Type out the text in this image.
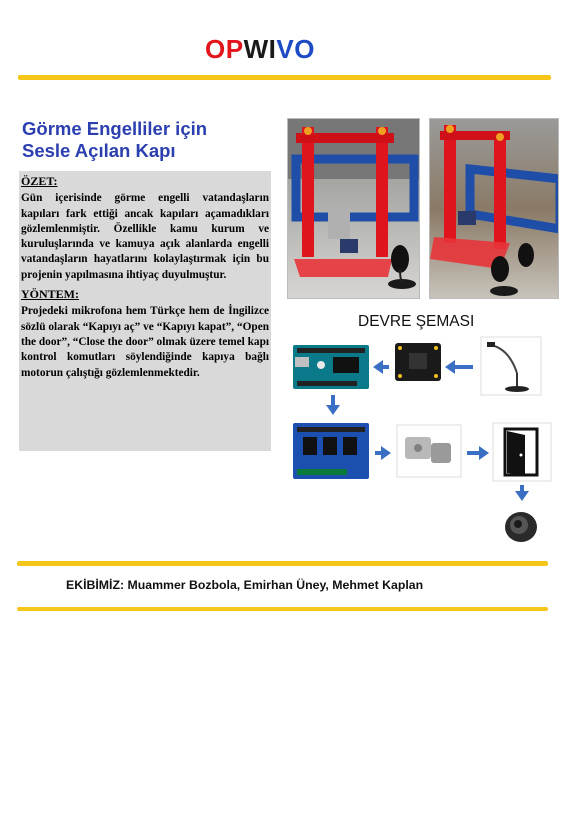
OPWIVO
Görme Engelliler için
Sesle Açılan Kapı
ÖZET:
Gün içerisinde görme engelli vatandaşların kapıları fark ettiği ancak kapıları açamadıkları gözlemlenmiştir. Özellikle kamu kurum ve kuruluşlarında ve kamuya açık alanlarda engelli vatandaşların hayatlarını kolaylaştırmak için bu projenin yapılmasına ihtiyaç duyulmuştur.
YÖNTEM:
Projedeki mikrofona hem Türkçe hem de İngilizce sözlü olarak “Kapıyı aç” ve “Kapıyı kapat”, “Open the door”, “Close the door” olmak üzere temel kapı kontrol komutları söylendiğinde kapıya bağlı motorun çalıştığı gözlemlenmektedir.
DEVRE ŞEMASI
EKİBİMİZ: Muammer Bozbola, Emirhan Üney, Mehmet Kaplan
